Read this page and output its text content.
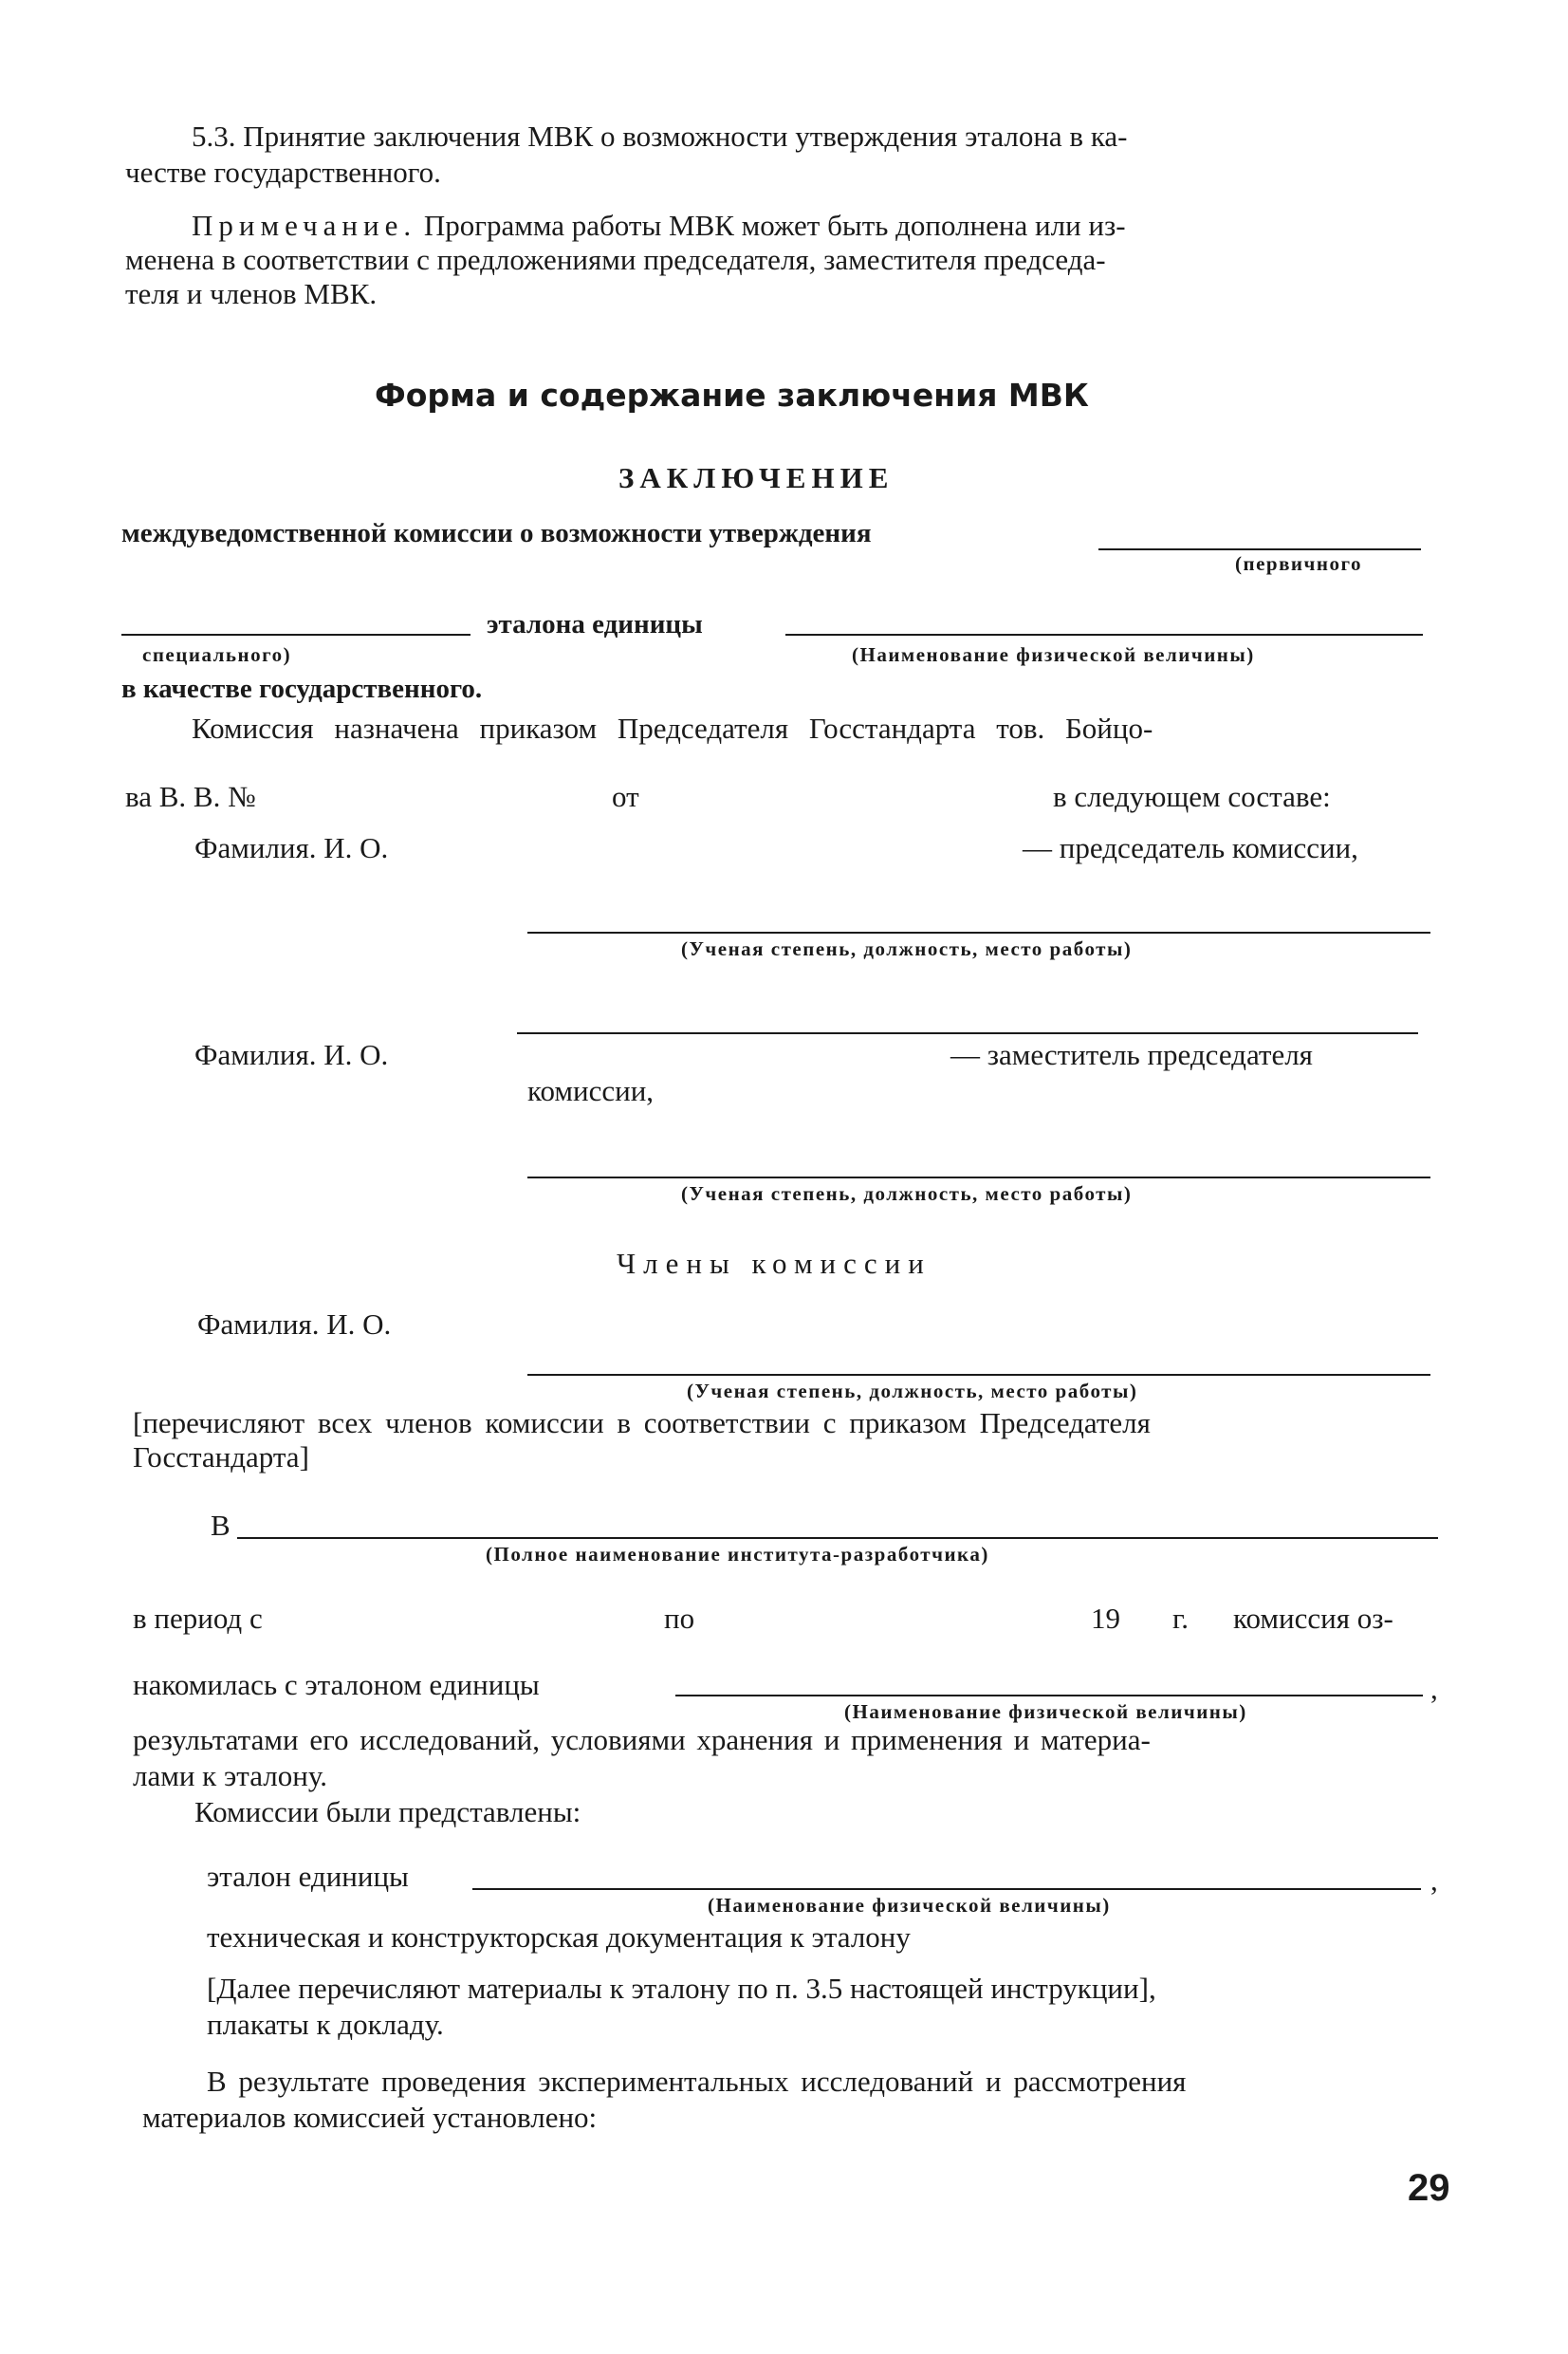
5.3. Принятие заключения МВК о возможности утверждения эталона в ка-
честве государственного.
Примечание. Программа работы МВК может быть дополнена или из-
менена в соответствии с предложениями председателя, заместителя председа-
теля и членов МВК.
Форма и содержание заключения МВК
ЗАКЛЮЧЕНИЕ
междуведомственной комиссии о возможности утверждения
(первичного
эталона единицы
специального)	(Наименование физической величины)
в качестве государственного.
Комиссия назначена приказом Председателя Госстандарта тов. Бойцо-
ва В. В. №	от	в следующем составе:
Фамилия. И. О.	— председатель комиссии,
(Ученая степень, должность, место работы)
Фамилия. И. О.	— заместитель председателя
комиссии,
(Ученая степень, должность, место работы)
Члены комиссии
Фамилия. И. О.
(Ученая степень, должность, место работы)
[перечисляют всех членов комиссии в соответствии с приказом Председателя
Госстандарта]
В
(Полное наименование института-разработчика)
в период с	по	19 г. комиссия оз-
накомилась с эталоном единицы	,
(Наименование физической величины)
результатами его исследований, условиями хранения и применения и материа-
лами к эталону.
Комиссии были представлены:
эталон единицы	,
(Наименование физической величины)
техническая и конструкторская документация к эталону
[Далее перечисляют материалы к эталону по п. 3.5 настоящей инструкции],
плакаты к докладу.
В результате проведения экспериментальных исследований и рассмотрения
материалов комиссией установлено:
29
